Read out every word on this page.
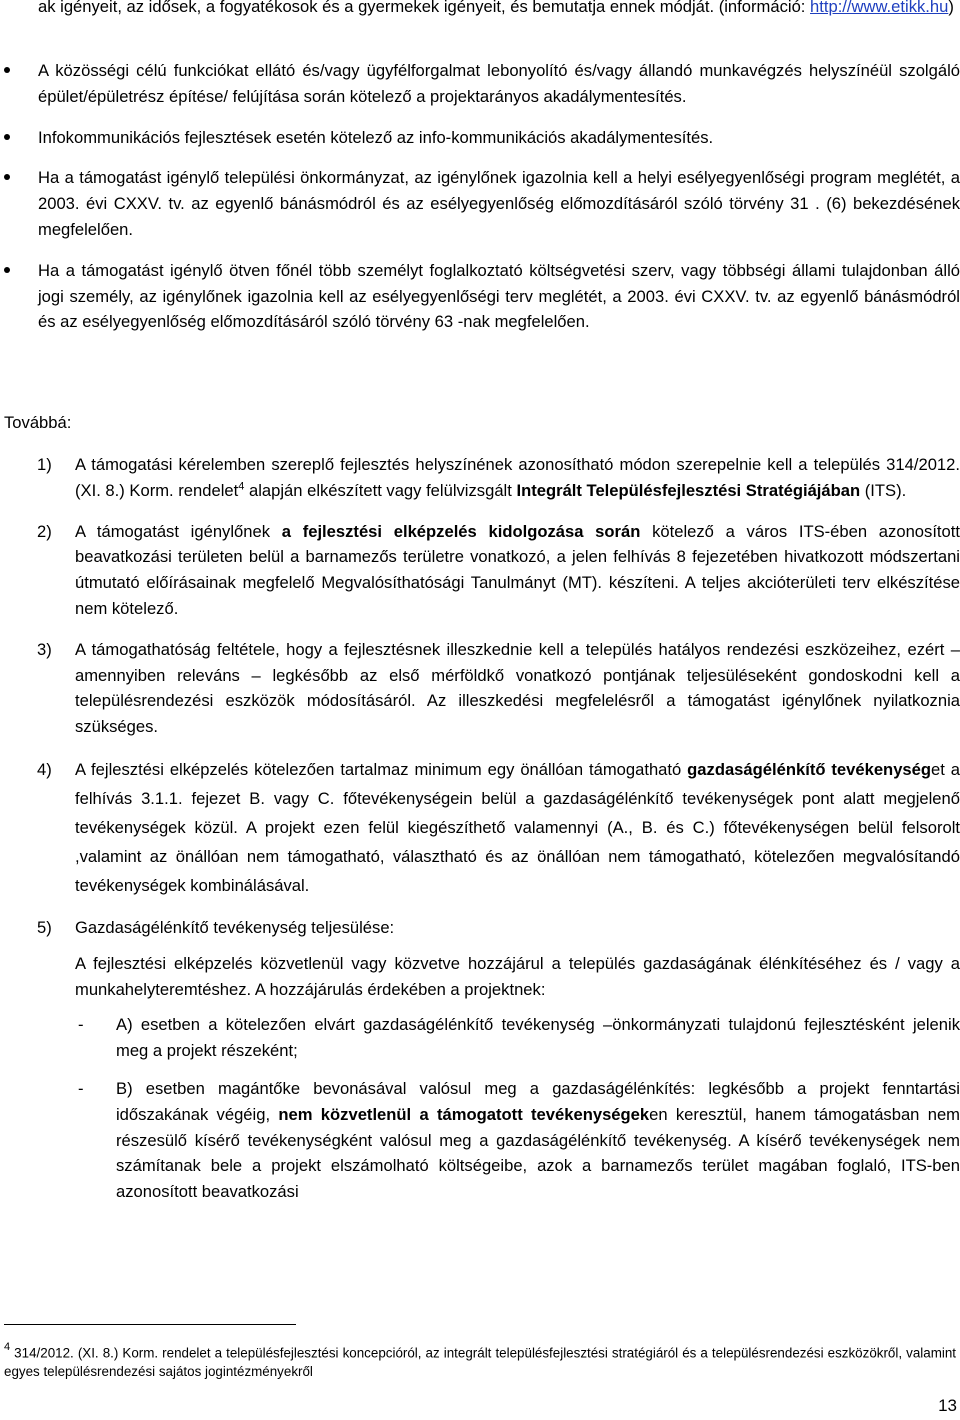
ak igényeit, az idősek, a fogyatékosok és a gyermekek igényeit, és bemutatja ennek módját. (információ: http://www.etikk.hu)

A közösségi célú funkciókat ellátó és/vagy ügyfélforgalmat lebonyolító és/vagy állandó munkavégzés helyszínéül szolgáló épület/épületrész építése/ felújítása során kötelező a projektarányos akadálymentesítés.

Infokommunikációs fejlesztések esetén kötelező az info-kommunikációs akadálymentesítés.

Ha a támogatást igénylő települési önkormányzat, az igénylőnek igazolnia kell a helyi esélyegyenlőségi program meglétét, a 2003. évi CXXV. tv. az egyenlő bánásmódról és az esélyegyenlőség előmozdításáról szóló törvény 31 . (6) bekezdésének megfelelően.

Ha a támogatást igénylő ötven főnél több személyt foglalkoztató költségvetési szerv, vagy többségi állami tulajdonban álló jogi személy, az igénylőnek igazolnia kell az esélyegyenlőségi terv meglétét, a 2003. évi CXXV. tv. az egyenlő bánásmódról és az esélyegyenlőség előmozdításáról szóló törvény 63 -nak megfelelően.

Továbbá:
1) A támogatási kérelemben szereplő fejlesztés helyszínének azonosítható módon szerepelnie kell a település 314/2012. (XI. 8.) Korm. rendelet$^4$ alapján elkészített vagy felülvizsgált Integrált Településfejlesztési Stratégiájában (ITS).

2) A támogatást igénylőnek a fejlesztési elképzelés kidolgozása során kötelező a város ITS-ében azonosított beavatkozási területen belül a barnamezős területre vonatkozó, a jelen felhívás 8 fejezetében hivatkozott módszertani útmutató előírásainak megfelelő Megvalósíthatósági Tanulmányt (MT). készíteni. A teljes akcióterületi terv elkészítése nem kötelező.

3) A támogathatóság feltétele, hogy a fejlesztésnek illeszkednie kell a település hatályos rendezési eszközeihez, ezért – amennyiben releváns – legkésőbb az első mérföldkő vonatkozó pontjának teljesüléseként gondoskodni kell a településrendezési eszközök módosításáról. Az illeszkedési megfelelésről a támogatást igénylőnek nyilatkoznia szükséges.

4) A fejlesztési elképzelés kötelezően tartalmaz minimum egy önállóan támogatható gazdaságélénkítő tevékenységet a felhívás 3.1.1. fejezet B. vagy C. főtevékenységein belül a gazdaságélénkítő tevékenységek pont alatt megjelenő tevékenységek közül. A projekt ezen felül kiegészíthető valamennyi (A., B. és C.) főtevékenységen belül felsorolt ,valamint az önállóan nem támogatható, választható és az önállóan nem támogatható, kötelezően megvalósítandó tevékenységek kombinálásával.

5) Gazdaságélénkítő tevékenység teljesülése:

A fejlesztési elképzelés közvetlenül vagy közvetve hozzájárul a település gazdaságának élénkítéséhez és / vagy a munkahelyteremtéshez. A hozzájárulás érdekében a projektnek:

- A) esetben a kötelezően elvárt gazdaságélénkítő tevékenység –önkormányzati tulajdonú fejlesztésként jelenik meg a projekt részeként;

- B) esetben magántőke bevonásával valósul meg a gazdaságélénkítés: legkésőbb a projekt fenntartási időszakának végéig, nem közvetlenül a támogatott tevékenységeken keresztül, hanem támogatásban nem részesülő kísérő tevékenységként valósul meg a gazdaságélénkítő tevékenység. A kísérő tevékenységek nem számítanak bele a projekt elszámolható költségeibe, azok a barnamezős terület magában foglaló, ITS-ben azonosított beavatkozási

$^4$ 314/2012. (XI. 8.) Korm. rendelet a településfejlesztési koncepcióról, az integrált településfejlesztési stratégiáról és a településrendezési eszközökről, valamint egyes településrendezési sajátos jogintézményekről
13
